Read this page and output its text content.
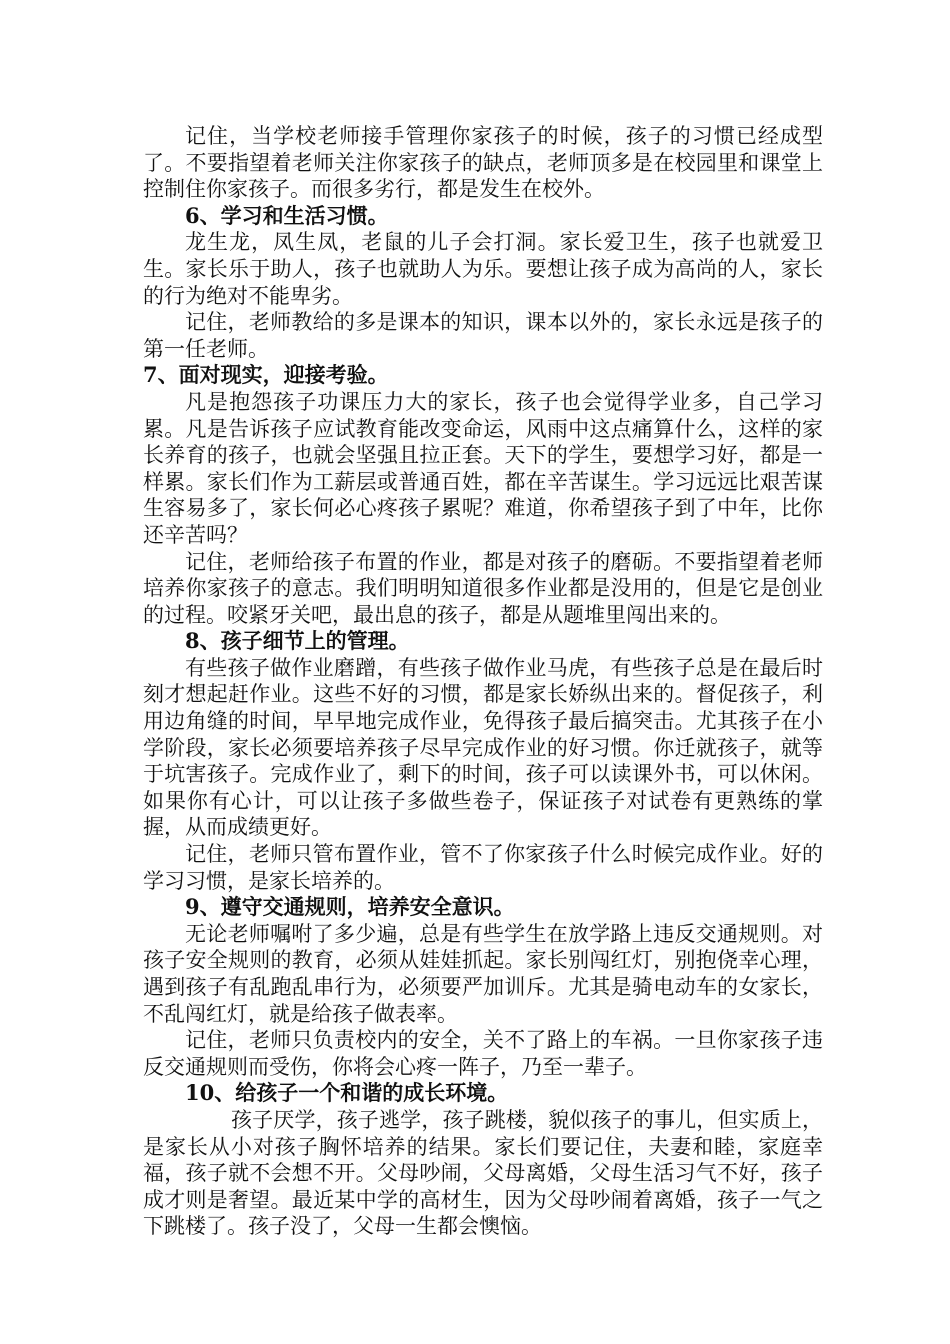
记住，当学校老师接手管理你家孩子的时候，孩子的习惯已经成型了。不要指望着老师关注你家孩子的缺点，老师顶多是在校园里和课堂上控制住你家孩子。而很多劣行，都是发生在校外。

6、学习和生活习惯。

龙生龙，凤生凤，老鼠的儿子会打洞。家长爱卫生，孩子也就爱卫生。家长乐于助人，孩子也就助人为乐。要想让孩子成为高尚的人，家长的行为绝对不能卑劣。

记住，老师教给的多是课本的知识，课本以外的，家长永远是孩子的第一任老师。

7、面对现实，迎接考验。

凡是抱怨孩子功课压力大的家长，孩子也会觉得学业多，自己学习累。凡是告诉孩子应试教育能改变命运，风雨中这点痛算什么，这样的家长养育的孩子，也就会坚强且拉正套。天下的学生，要想学习好，都是一样累。家长们作为工薪层或普通百姓，都在辛苦谋生。学习远远比艰苦谋生容易多了，家长何必心疼孩子累呢？难道，你希望孩子到了中年，比你还辛苦吗？

记住，老师给孩子布置的作业，都是对孩子的磨砺。不要指望着老师培养你家孩子的意志。我们明明知道很多作业都是没用的，但是它是创业的过程。咬紧牙关吧，最出息的孩子，都是从题堆里闯出来的。

8、孩子细节上的管理。

有些孩子做作业磨蹭，有些孩子做作业马虎，有些孩子总是在最后时刻才想起赶作业。这些不好的习惯，都是家长娇纵出来的。督促孩子，利用边角缝的时间，早早地完成作业，免得孩子最后搞突击。尤其孩子在小学阶段，家长必须要培养孩子尽早完成作业的好习惯。你迁就孩子，就等于坑害孩子。完成作业了，剩下的时间，孩子可以读课外书，可以休闲。如果你有心计，可以让孩子多做些卷子，保证孩子对试卷有更熟练的掌握，从而成绩更好。

记住，老师只管布置作业，管不了你家孩子什么时候完成作业。好的学习习惯，是家长培养的。

9、遵守交通规则，培养安全意识。

无论老师嘱咐了多少遍，总是有些学生在放学路上违反交通规则。对孩子安全规则的教育，必须从娃娃抓起。家长别闯红灯，别抱侥幸心理，遇到孩子有乱跑乱串行为，必须要严加训斥。尤其是骑电动车的女家长，不乱闯红灯，就是给孩子做表率。

记住，老师只负责校内的安全，关不了路上的车祸。一旦你家孩子违反交通规则而受伤，你将会心疼一阵子，乃至一辈子。

10、给孩子一个和谐的成长环境。

孩子厌学，孩子逃学，孩子跳楼，貌似孩子的事儿，但实质上，是家长从小对孩子胸怀培养的结果。家长们要记住，夫妻和睦，家庭幸福，孩子就不会想不开。父母吵闹，父母离婚，父母生活习气不好，孩子成才则是奢望。最近某中学的高材生，因为父母吵闹着离婚，孩子一气之下跳楼了。孩子没了，父母一生都会懊恼。
